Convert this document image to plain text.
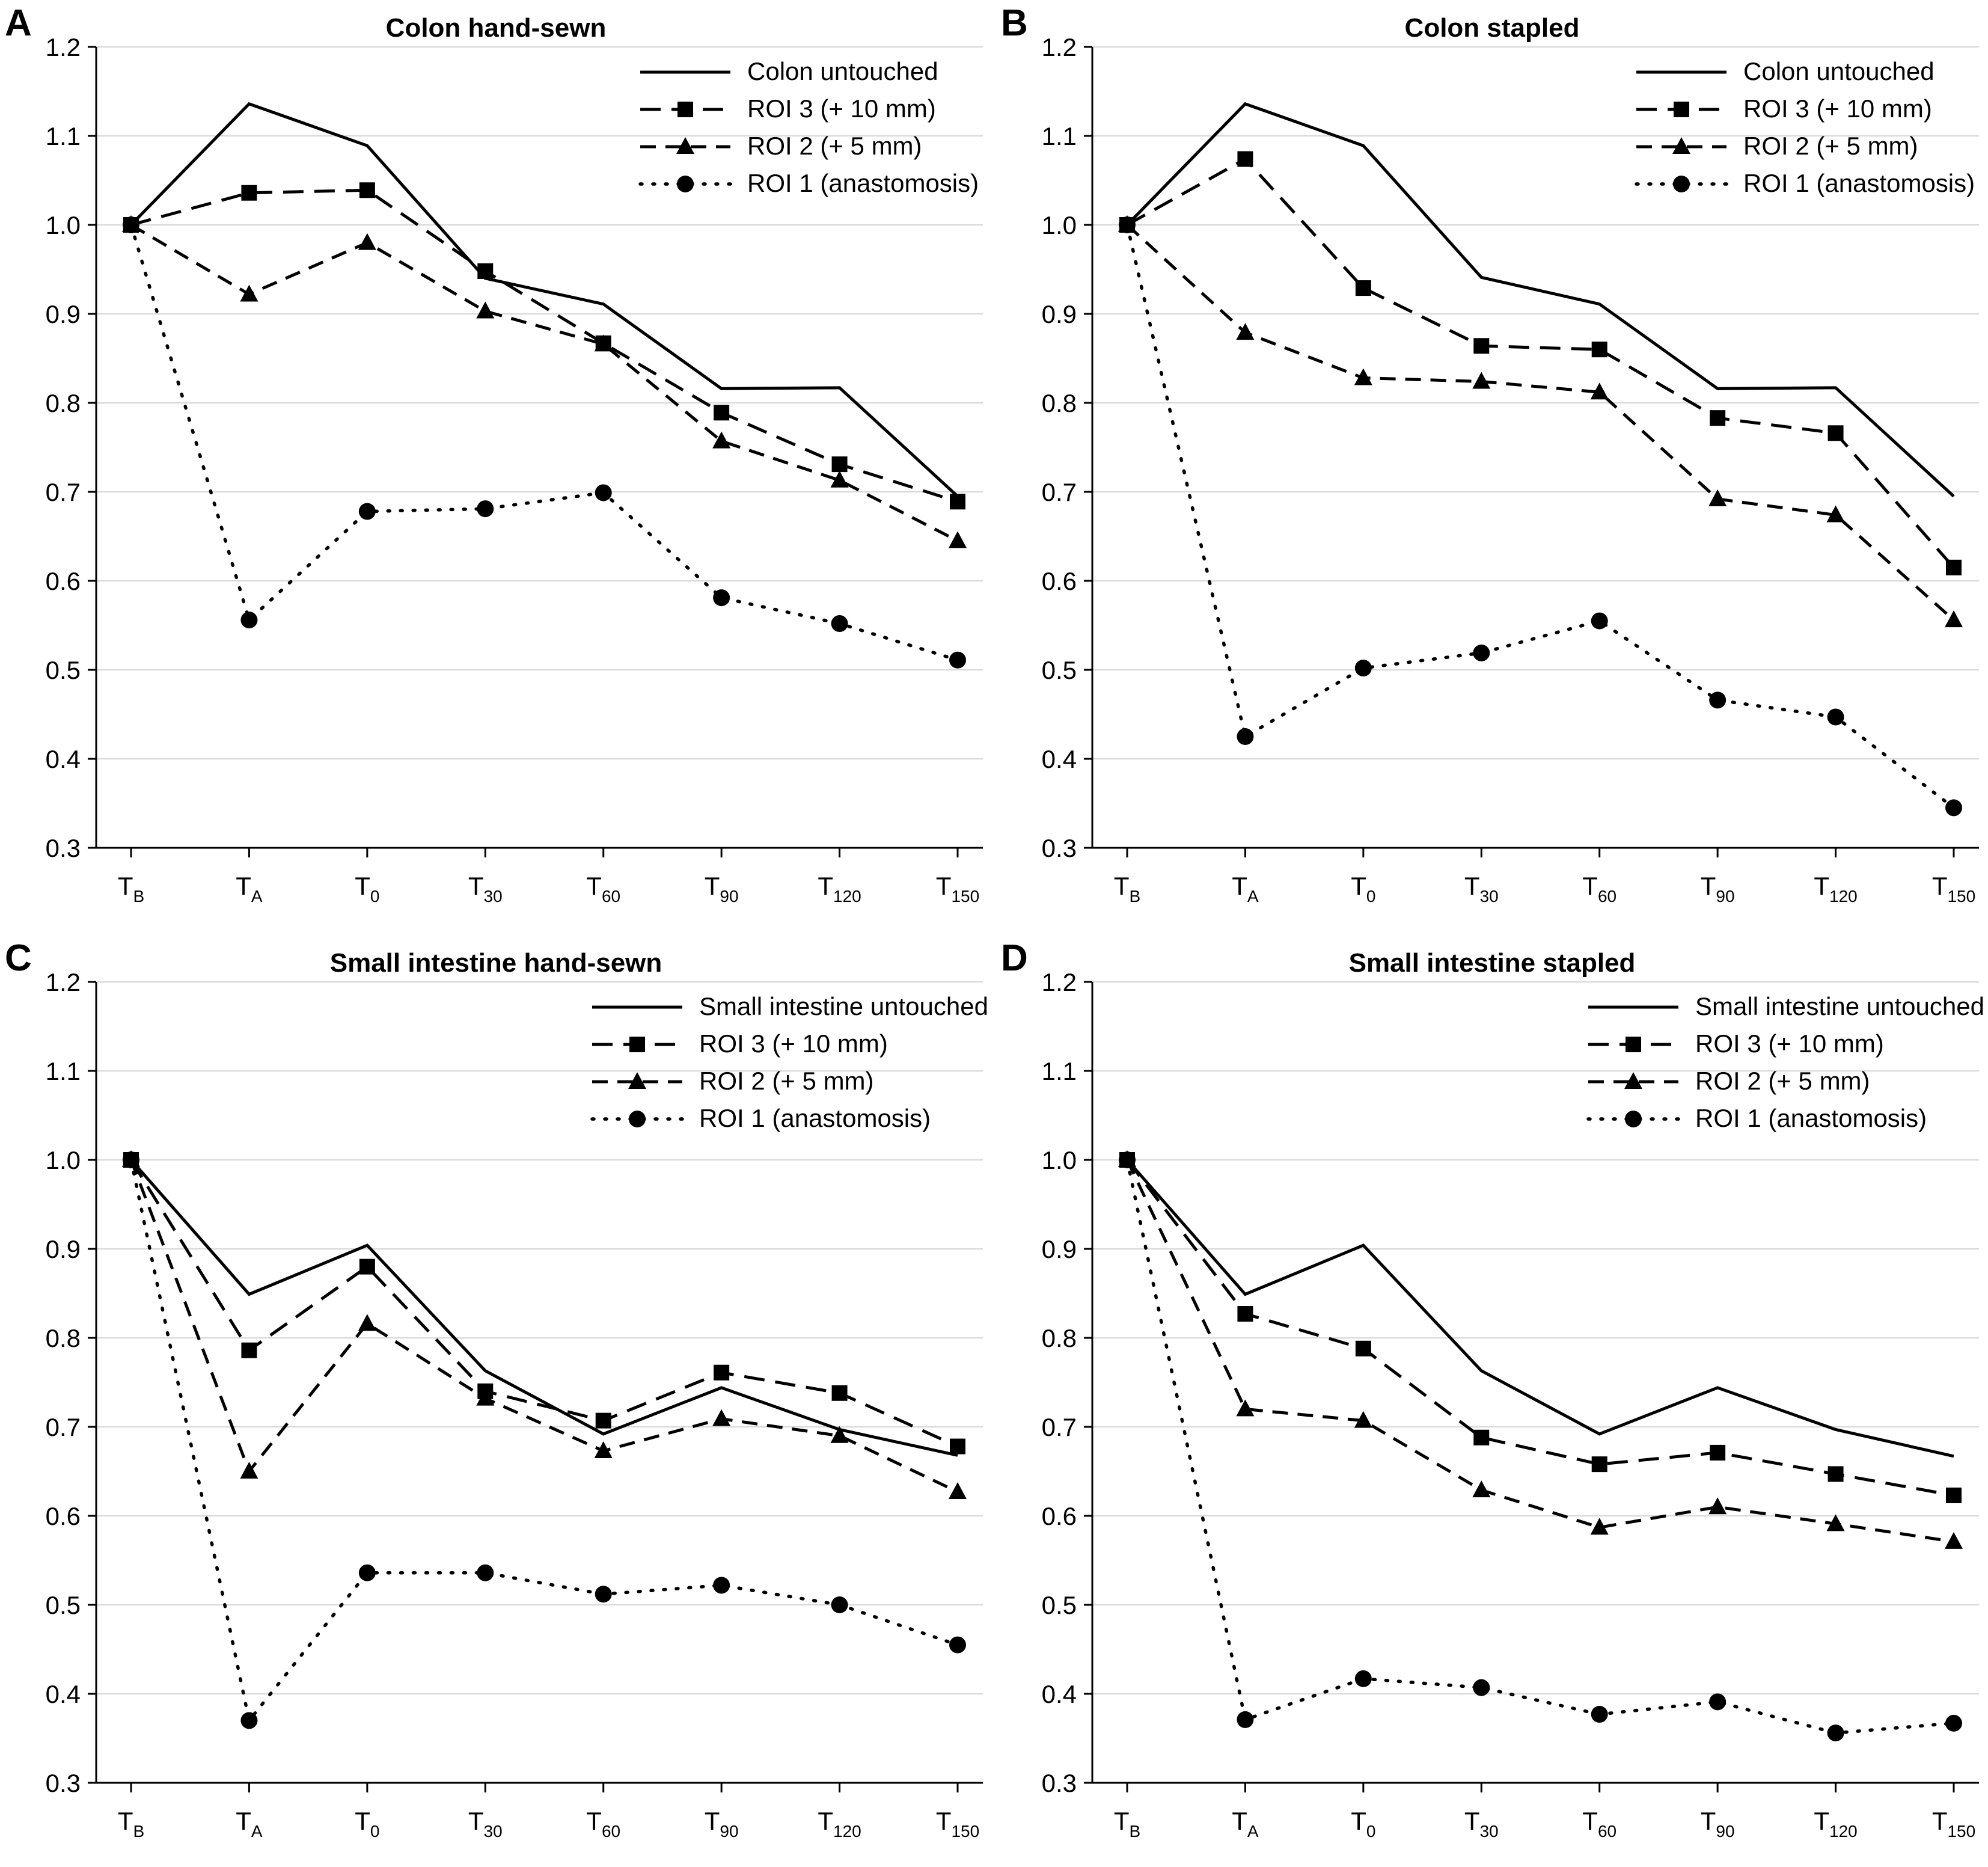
A	Colon hand-sewn
0.3
0.4
0.5
0.6
0.7
0.8
0.9
1.0
1.1
1.2
$T_B$	$T_A$	$T_0$	$T_{30}$	$T_{60}$	$T_{90}$	$T_{120}$	$T_{150}$
Colon untouched
ROI 3 (+ 10 mm)
ROI 2 (+ 5 mm)
ROI 1 (anastomosis)
B	Colon stapled
0.3
0.4
0.5
0.6
0.7
0.8
0.9
1.0
1.1
1.2
$T_B$	$T_A$	$T_0$	$T_{30}$	$T_{60}$	$T_{90}$	$T_{120}$	$T_{150}$
Colon untouched
ROI 3 (+ 10 mm)
ROI 2 (+ 5 mm)
ROI 1 (anastomosis)
C	Small intestine hand-sewn
0.3
0.4
0.5
0.6
0.7
0.8
0.9
1.0
1.1
1.2
$T_B$	$T_A$	$T_0$	$T_{30}$	$T_{60}$	$T_{90}$	$T_{120}$	$T_{150}$
Small intestine untouched
ROI 3 (+ 10 mm)
ROI 2 (+ 5 mm)
ROI 1 (anastomosis)
D	Small intestine stapled
0.3
0.4
0.5
0.6
0.7
0.8
0.9
1.0
1.1
1.2
$T_B$	$T_A$	$T_0$	$T_{30}$	$T_{60}$	$T_{90}$	$T_{120}$	$T_{150}$
Small intestine untouched
ROI 3 (+ 10 mm)
ROI 2 (+ 5 mm)
ROI 1 (anastomosis)
